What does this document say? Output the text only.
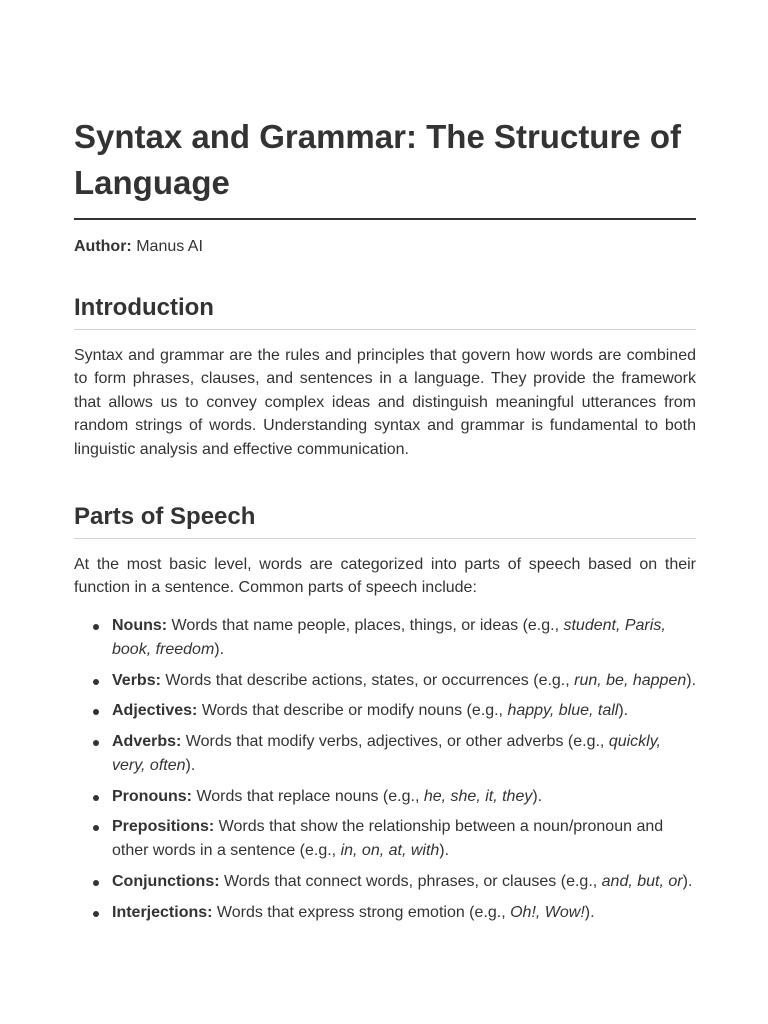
Syntax and Grammar: The Structure of Language
Author: Manus AI
Introduction

Syntax and grammar are the rules and principles that govern how words are combined to form phrases, clauses, and sentences in a language. They provide the framework that allows us to convey complex ideas and distinguish meaningful utterances from random strings of words. Understanding syntax and grammar is fundamental to both linguistic analysis and effective communication.

Parts of Speech

At the most basic level, words are categorized into parts of speech based on their function in a sentence. Common parts of speech include:

Nouns: Words that name people, places, things, or ideas (e.g., student, Paris, book, freedom).
Verbs: Words that describe actions, states, or occurrences (e.g., run, be, happen).
Adjectives: Words that describe or modify nouns (e.g., happy, blue, tall).
Adverbs: Words that modify verbs, adjectives, or other adverbs (e.g., quickly, very, often).
Pronouns: Words that replace nouns (e.g., he, she, it, they).
Prepositions: Words that show the relationship between a noun/pronoun and other words in a sentence (e.g., in, on, at, with).
Conjunctions: Words that connect words, phrases, or clauses (e.g., and, but, or).
Interjections: Words that express strong emotion (e.g., Oh!, Wow!).
